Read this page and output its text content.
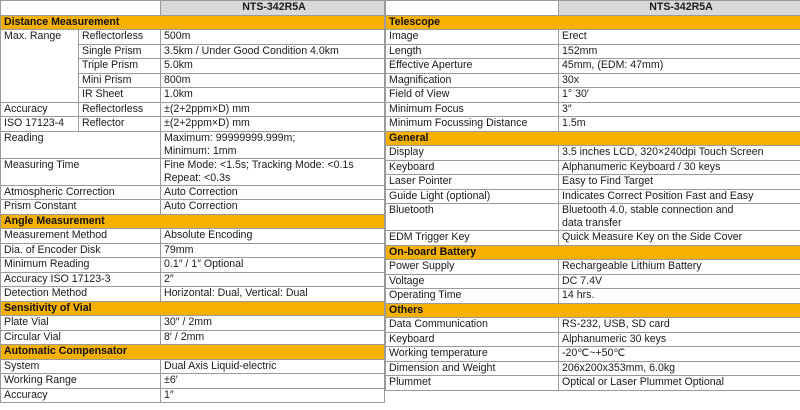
		NTS-342R5A
Distance Measurement		
Max. Range	Reflectorless	500m
	Single Prism	3.5km / Under Good Condition 4.0km
	Triple Prism	5.0km
	Mini Prism	800m
	IR Sheet	1.0km
Accuracy	Reflectorless	±(2+2ppm×D) mm
ISO 17123-4	Reflector	±(2+2ppm×D) mm
Reading		Maximum: 99999999.999m;
Minimum: 1mm

Measuring Time		Fine Mode: <1.5s; Tracking Mode: <0.1s
Repeat: <0.3s

Atmospheric Correction		Auto Correction
Prism Constant		Auto Correction
Angle Measurement		
Measurement Method		Absolute Encoding
Dia. of Encoder Disk		79mm
Minimum Reading		0.1″ / 1″ Optional
Accuracy ISO 17123-3		2″
Detection Method		Horizontal: Dual, Vertical: Dual
Sensitivity of Vial		
Plate Vial		30″ / 2mm
Circular Vial		8′ / 2mm
Automatic Compensator		
System		Dual Axis Liquid-electric
Working Range		±6′
Accuracy		1″
	NTS-342R5A
Telescope	
Image	Erect
Length	152mm
Effective Aperture	45mm, (EDM: 47mm)
Magnification	30x
Field of View	1° 30′
Minimum Focus	3″
Minimum Focussing Distance	1.5m
General	
Display	3.5 inches LCD, 320×240dpi Touch Screen
Keyboard	Alphanumeric Keyboard / 30 keys
Laser Pointer	Easy to Find Target
Guide Light (optional)	Indicates Correct Position Fast and Easy
Bluetooth	Bluetooth 4.0, stable connection and
data transfer

EDM Trigger Key	Quick Measure Key on the Side Cover
On-board Battery	
Power Supply	Rechargeable Lithium Battery
Voltage	DC 7.4V
Operating Time	14 hrs.
Others	
Data Communication	RS-232, USB, SD card
Keyboard	Alphanumeric 30 keys
Working temperature	-20℃~+50℃
Dimension and Weight	206x200x353mm, 6.0kg
Plummet	Optical or Laser Plummet Optional
